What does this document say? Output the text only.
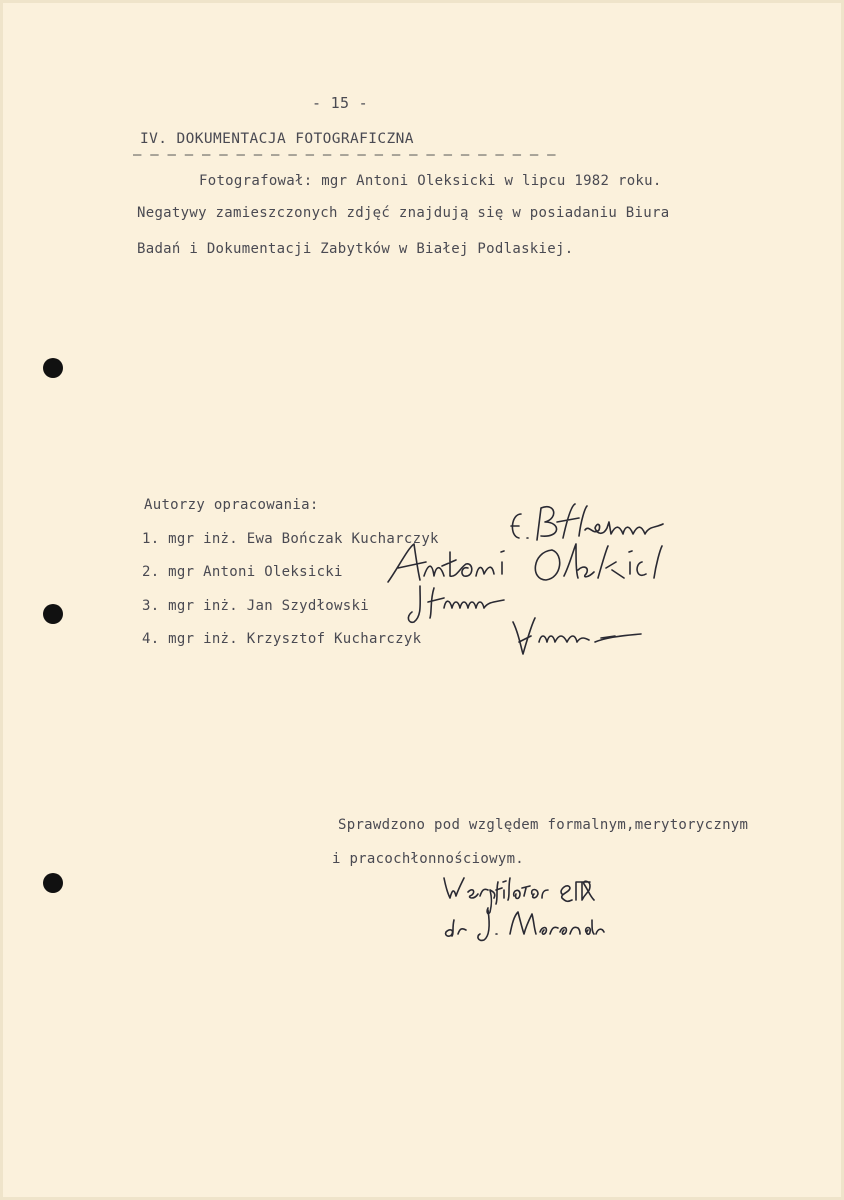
- 15 -
IV. DOKUMENTACJA FOTOGRAFICZNA
– – – – – – – – – – – – – – – – – – – – – – – – –
Fotografował: mgr Antoni Oleksicki w lipcu 1982 roku.
Negatywy zamieszczonych zdjęć znajdują się w posiadaniu Biura
Badań i Dokumentacji Zabytków w Białej Podlaskiej.
Autorzy opracowania:
1. mgr inż. Ewa Bończak Kucharczyk
2. mgr Antoni Oleksicki
3. mgr inż. Jan Szydłowski
4. mgr inż. Krzysztof Kucharczyk
Sprawdzono pod względem formalnym,merytorycznym
i pracochłonnościowym.
